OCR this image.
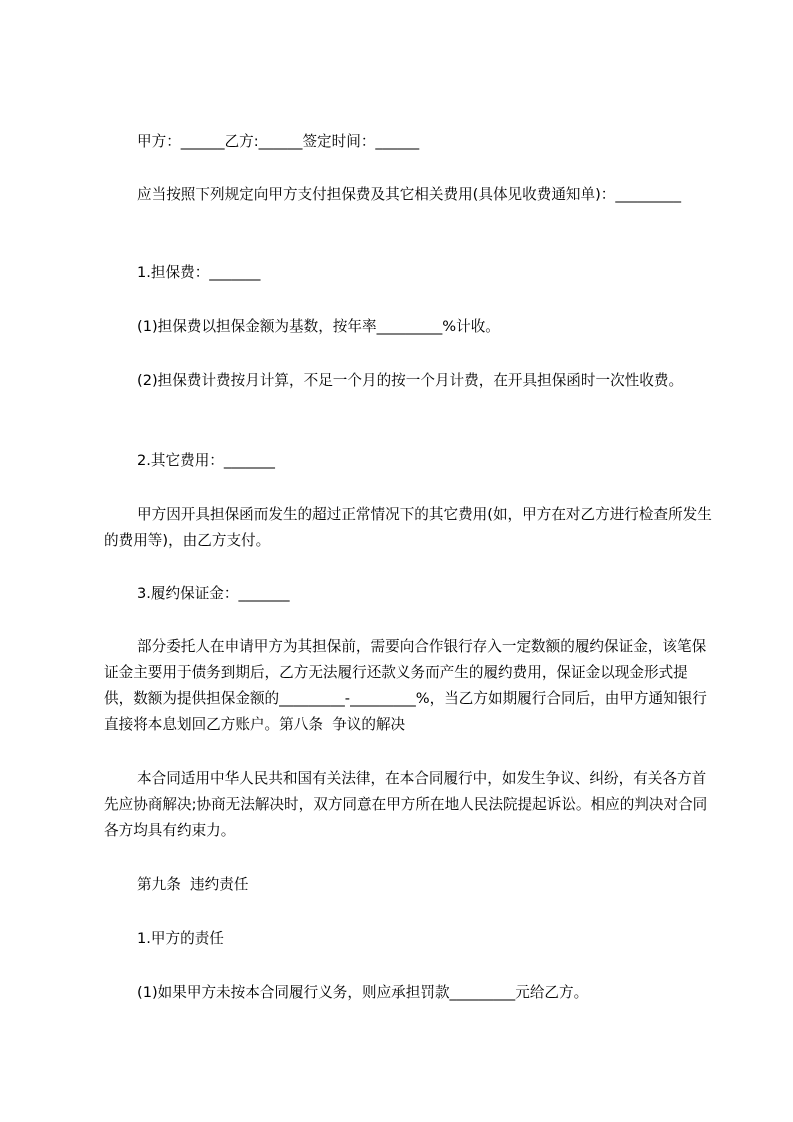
甲方：______乙方:______签定时间：______

应当按照下列规定向甲方支付担保费及其它相关费用(具体见收费通知单)：_________

1.担保费：_______

(1)担保费以担保金额为基数，按年率_________%计收。

(2)担保费计费按月计算，不足一个月的按一个月计费，在开具担保函时一次性收费。

2.其它费用：_______

甲方因开具担保函而发生的超过正常情况下的其它费用(如，甲方在对乙方进行检查所发生的费用等)，由乙方支付。

3.履约保证金：_______

部分委托人在申请甲方为其担保前，需要向合作银行存入一定数额的履约保证金，该笔保证金主要用于债务到期后，乙方无法履行还款义务而产生的履约费用，保证金以现金形式提供，数额为提供担保金额的_________-_________%，当乙方如期履行合同后，由甲方通知银行直接将本息划回乙方账户。第八条  争议的解决

本合同适用中华人民共和国有关法律，在本合同履行中，如发生争议、纠纷，有关各方首先应协商解决;协商无法解决时，双方同意在甲方所在地人民法院提起诉讼。相应的判决对合同各方均具有约束力。

第九条  违约责任

1.甲方的责任

(1)如果甲方未按本合同履行义务，则应承担罚款_________元给乙方。
